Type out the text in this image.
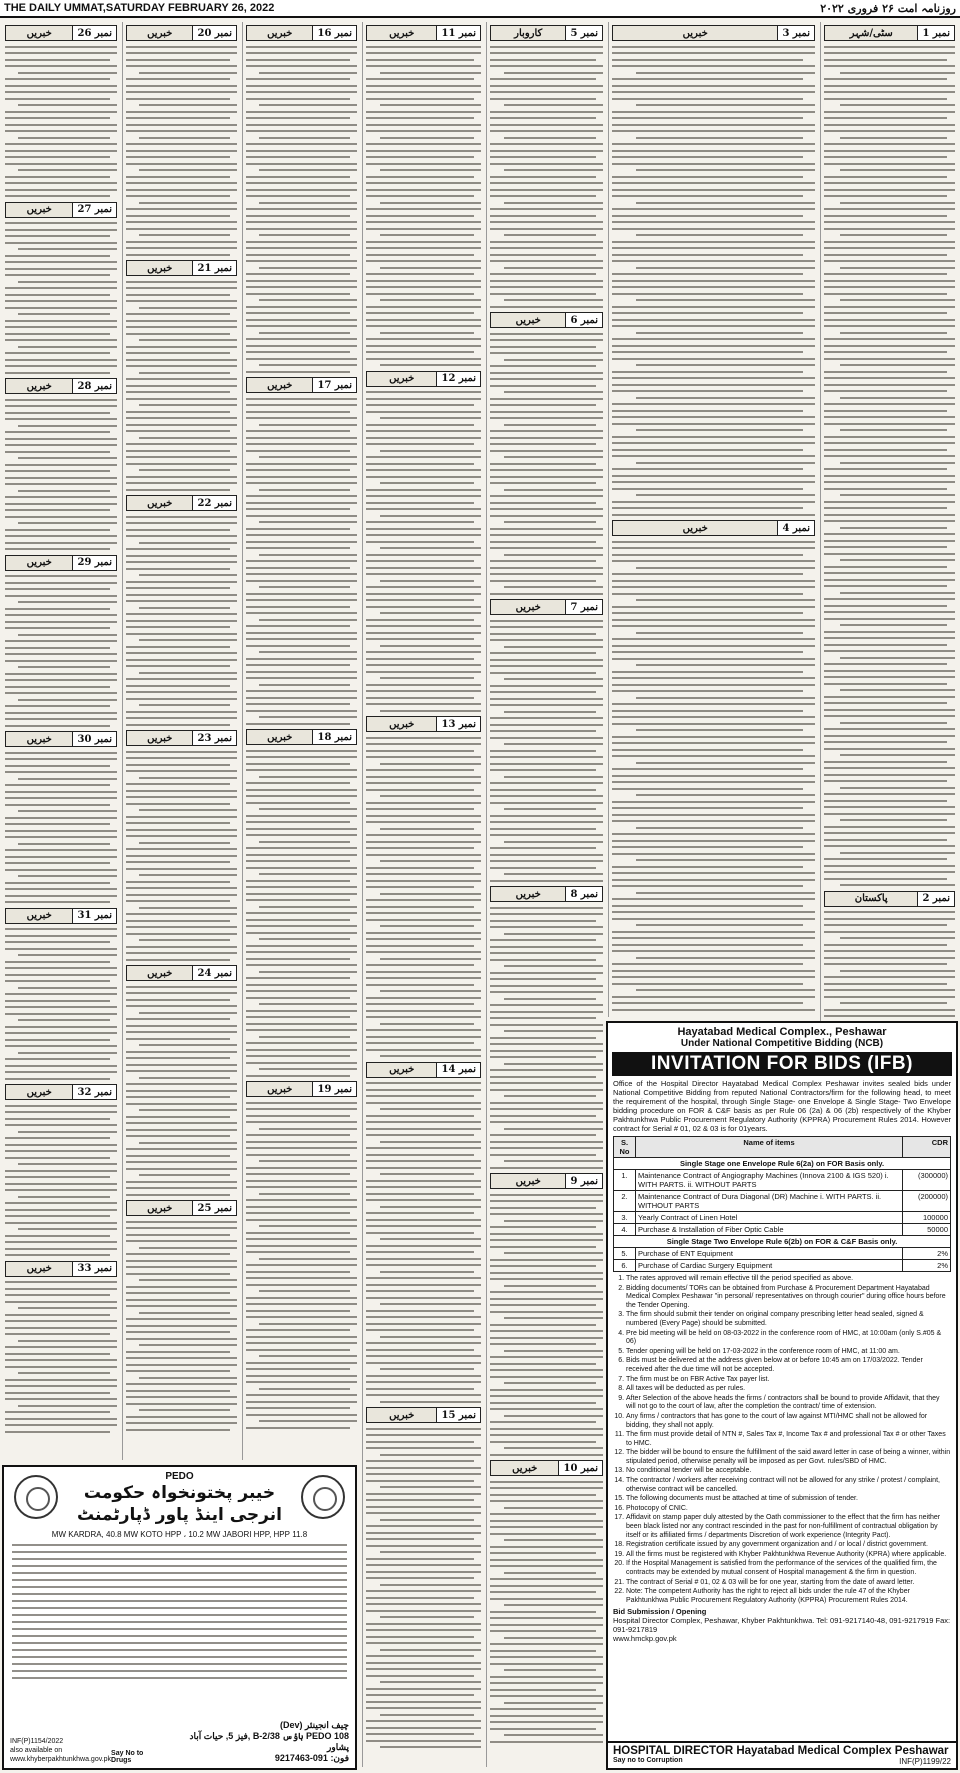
THE DAILY UMMAT,SATURDAY FEBRUARY 26, 2022	روزنامہ امت ۲۶ فروری ۲۰۲۲
نمبر 1
سٹی/شہر
نمبر 2
پاکستان
نمبر 3
خبریں
نمبر 4
خبریں
نمبر 5
کاروبار
نمبر 6
خبریں
نمبر 7
خبریں
نمبر 8
خبریں
نمبر 9
خبریں
نمبر 10
خبریں
نمبر 11
خبریں
نمبر 12
خبریں
نمبر 13
خبریں
نمبر 14
خبریں
نمبر 15
خبریں
نمبر 16
خبریں
نمبر 17
خبریں
نمبر 18
خبریں
نمبر 19
خبریں
نمبر 20
خبریں
نمبر 21
خبریں
نمبر 22
خبریں
نمبر 23
خبریں
نمبر 24
خبریں
نمبر 25
خبریں
نمبر 26
خبریں
نمبر 27
خبریں
نمبر 28
خبریں
نمبر 29
خبریں
نمبر 30
خبریں
نمبر 31
خبریں
نمبر 32
خبریں
نمبر 33
خبریں
Hayatabad Medical Complex., Peshawar
Under National Competitive Bidding (NCB)
INVITATION FOR BIDS (IFB)
Office of the Hospital Director Hayatabad Medical Complex Peshawar invites sealed bids under National Competitive Bidding from reputed National Contractors/firm for the following head, to meet the requirement of the hospital, through Single Stage- one Envelope & Single Stage- Two Envelope bidding procedure on FOR & C&F basis as per Rule 06 (2a) & 06 (2b) respectively of the Khyber Pakhtunkhwa Public Procurement Regulatory Authority (KPPRA) Procurement Rules 2014. However contract for Serial # 01, 02 & 03 is for 01years.
S. No	Name of items	CDR
Single Stage one Envelope Rule 6(2a) on FOR Basis only.		
1.	Maintenance Contract of Angiography Machines (Innova 2100 & IGS 520) i. WITH PARTS. ii. WITHOUT PARTS	(300000)
2.	Maintenance Contract of Dura Diagonal (DR) Machine i. WITH PARTS. ii. WITHOUT PARTS	(200000)
3.	Yearly Contract of Linen Hotel	100000
4.	Purchase & Installation of Fiber Optic Cable	50000
Single Stage Two Envelope Rule 6(2b) on FOR & C&F Basis only.		
5.	Purchase of ENT Equipment	2%
6.	Purchase of Cardiac Surgery Equipment	2%
1. The rates approved will remain effective till the period specified as above.
2. Bidding documents/ TORs can be obtained from Purchase & Procurement Department Hayatabad Medical Complex Peshawar "in personal/ representatives on through courier" during office hours before the Tender Opening.
3. The firm should submit their tender on original company prescribing letter head sealed, signed & numbered (Every Page) should be submitted.
4. Pre bid meeting will be held on 08-03-2022 in the conference room of HMC, at 10:00am (only S.#05 & 06)
5. Tender opening will be held on 17-03-2022 in the conference room of HMC, at 11:00 am.
6. Bids must be delivered at the address given below at or before 10:45 am on 17/03/2022. Tender received after the due time will not be accepted.
7. The firm must be on FBR Active Tax payer list.
8. All taxes will be deducted as per rules.
9. After Selection of the above heads the firms / contractors shall be bound to provide Affidavit, that they will not go to the court of law, after the completion the contract/ time of extension.
10. Any firms / contractors that has gone to the court of law against MTI/HMC shall not be allowed for bidding, they shall not apply.
11. The firm must provide detail of NTN #, Sales Tax #, Income Tax # and professional Tax # or other Taxes to HMC.
12. The bidder will be bound to ensure the fulfillment of the said award letter in case of being a winner, within stipulated period, otherwise penalty will be imposed as per Govt. rules/SBD of HMC.
13. No conditional tender will be acceptable.
14. The contractor / workers after receiving contract will not be allowed for any strike / protest / complaint, otherwise contract will be cancelled.
15. The following documents must be attached at time of submission of tender.
16. Photocopy of CNIC.
17. Affidavit on stamp paper duly attested by the Oath commissioner to the effect that the firm has neither been black listed nor any contract rescinded in the past for non-fulfillment of contractual obligation by itself or its affiliated firms / departments Discretion of work experience (Integrity Pact).
18. Registration certificate issued by any government organization and / or local / district government.
19. All the firms must be registered with Khyber Pakhtunkhwa Revenue Authority (KPRA) where applicable.
20. If the Hospital Management is satisfied from the performance of the services of the qualified firm, the contracts may be extended by mutual consent of Hospital management & the firm in question.
21. The contract of Serial # 01, 02 & 03 will be for one year, starting from the date of award letter.
22. Note: The competent Authority has the right to reject all bids under the rule 47 of the Khyber Pakhtunkhwa Public Procurement Regulatory Authority (KPPRA) Procurement Rules 2014.
Bid Submission / Opening
Hospital Director Complex, Peshawar, Khyber Pakhtunkhwa. Tel: 091-9217140-48, 091-9217919 Fax: 091-9217819
www.hmckp.gov.pk
HOSPITAL DIRECTOR Hayatabad Medical Complex Peshawar
Say no to Corruption	INF(P)1199/22
PEDO
خیبر پختونخواہ حکومت
انرجی اینڈ پاور ڈپارٹمنٹ
11.8 MW KARDRA, 40.8 MW KOTO HPP ، 10.2 MW JABORI HPP, HPP
INF(P)1154/2022
also available on
www.khyberpakhtunkhwa.gov.pk
Say No to Drugs
چیف انجینئر (Dev)
PEDO 108 ہاؤس 38/B-2 ,فیز 5, حیات آباد پشاور
فون: 091-9217463
